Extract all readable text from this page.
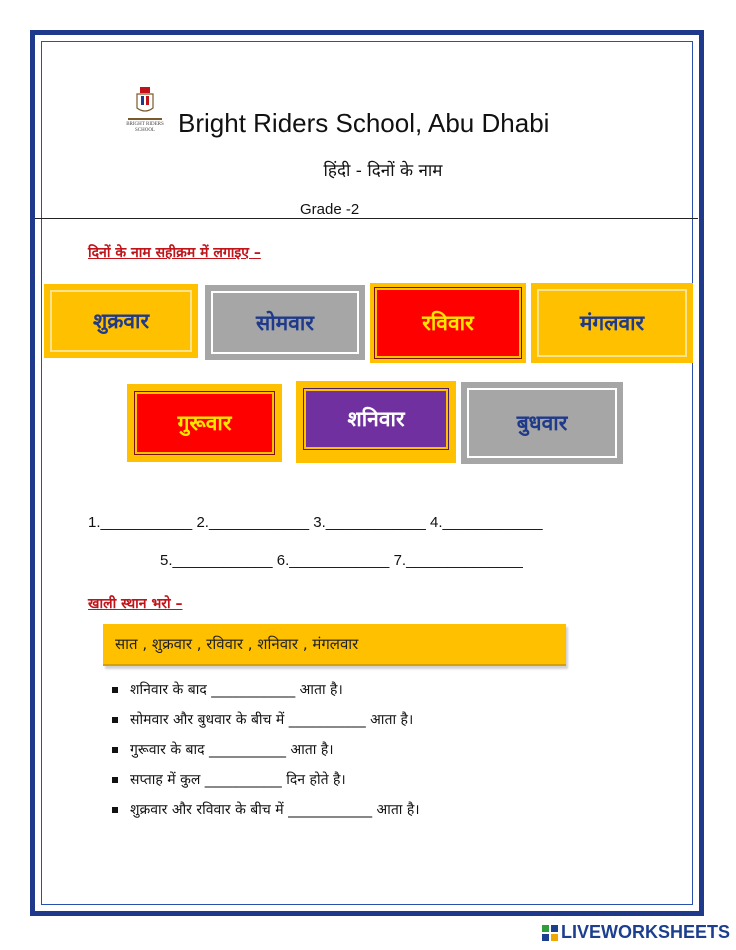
BRIGHT RIDERS SCHOOL Bright Riders School, Abu Dhabi
हिंदी - दिनों के नाम
Grade -2
दिनों के नाम सहीक्रम में लगाइए –
शुक्रवार	सोमवार	रविवार	मंगलवार
गुरूवार	शनिवार	बुधवार
1.___________ 2.____________ 3.____________ 4.____________
5.____________ 6.____________ 7.______________
खाली स्थान भरो –
सात , शुक्रवार , रविवार , शनिवार , मंगलवार
शनिवार के बाद ____________ आता है।
सोमवार और बुधवार के बीच में ___________ आता है।
गुरूवार के बाद ___________ आता है।
सप्ताह में कुल ___________ दिन होते है।
शुक्रवार और रविवार के बीच में ____________ आता है।
LIVEWORKSHEETS
